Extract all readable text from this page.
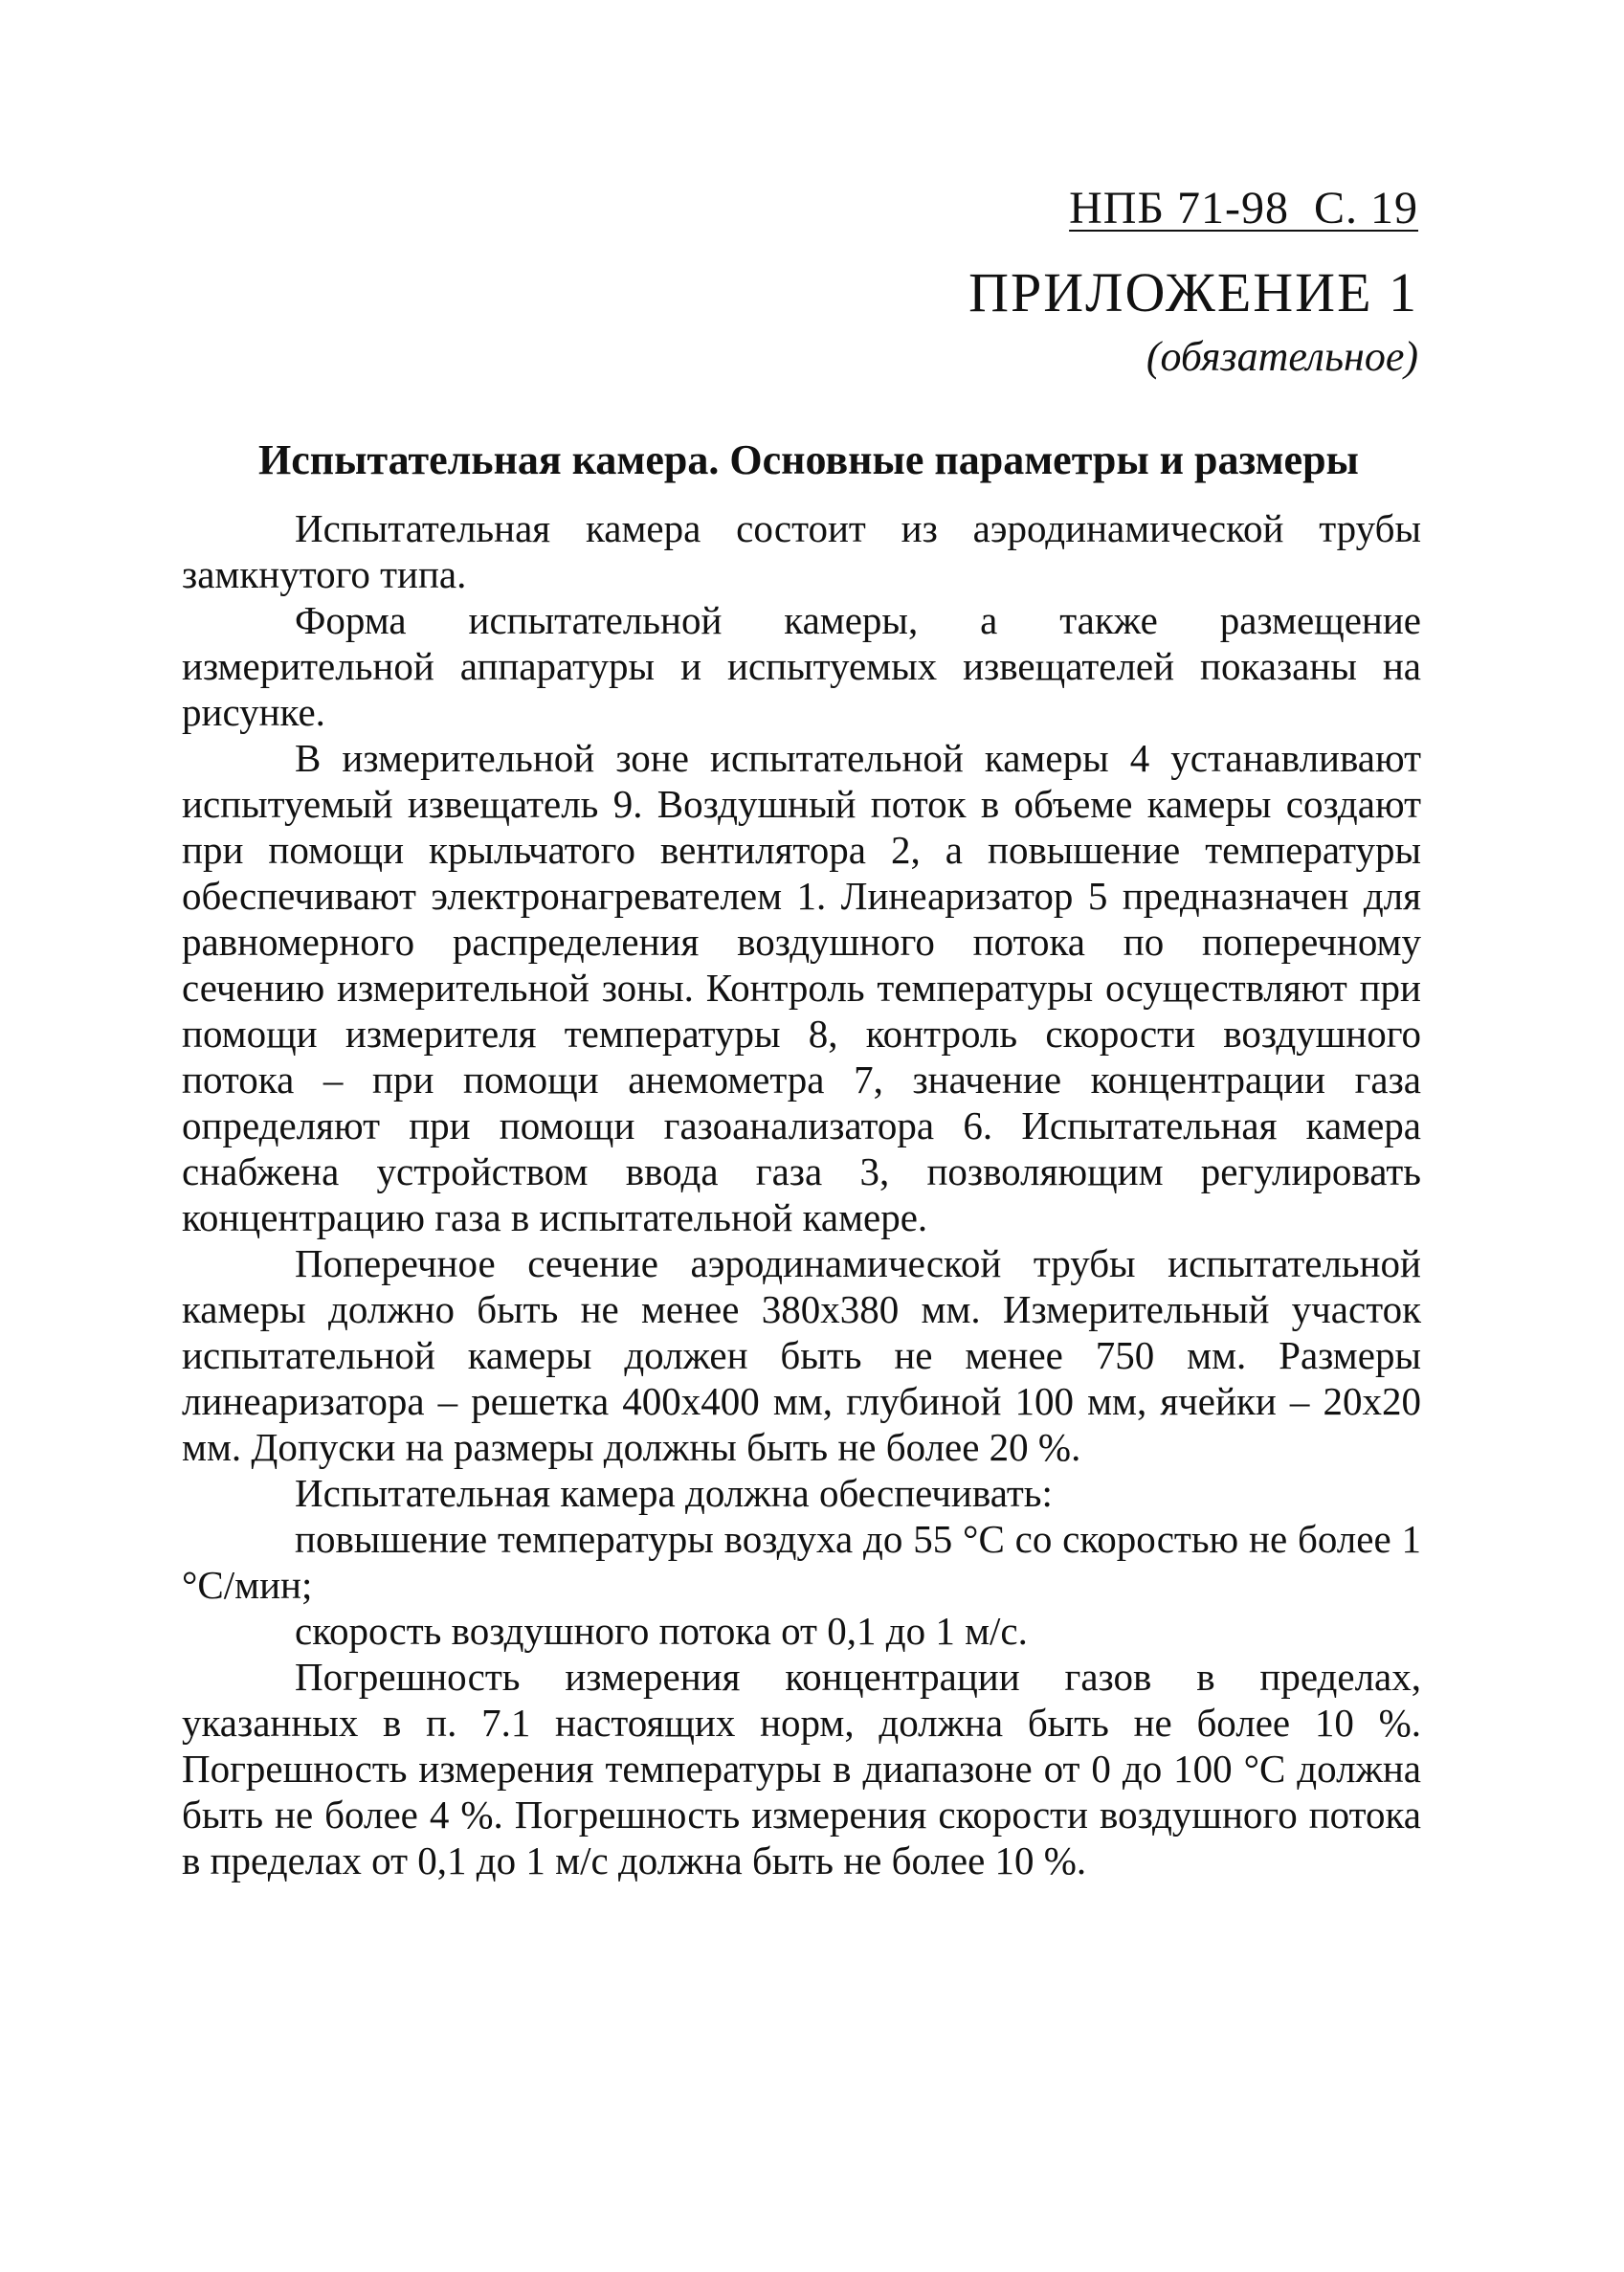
НПБ 71-98  С. 19
ПРИЛОЖЕНИЕ 1
(обязательное)
Испытательная камера. Основные параметры и размеры

Испытательная камера состоит из аэродинамической трубы замкнутого типа.

Форма испытательной камеры, а также размещение измерительной аппаратуры и испытуемых извещателей показаны на рисунке.

В измерительной зоне испытательной камеры 4 устанавливают испытуемый извещатель 9. Воздушный поток в объеме камеры создают при помощи крыльчатого вентилятора 2, а повышение температуры обеспечивают электронагревателем 1. Линеаризатор 5 предназначен для равномерного распределения воздушного потока по поперечному сечению измерительной зоны. Контроль температуры осуществляют при помощи измерителя температуры 8, контроль скорости воздушного потока – при помощи анемометра 7, значение концентрации газа определяют при помощи газоанализатора 6. Испытательная камера снабжена устройством ввода газа 3, позволяющим регулировать концентрацию газа в испытательной камере.

Поперечное сечение аэродинамической трубы испытательной камеры должно быть не менее 380х380 мм. Измерительный участок испытательной камеры должен быть не менее 750 мм. Размеры линеаризатора – решетка 400х400 мм, глубиной 100 мм, ячейки – 20х20 мм. Допуски на размеры должны быть не более 20 %.

Испытательная камера должна обеспечивать:

повышение температуры воздуха до 55 °С со скоростью не более 1 °С/мин;

скорость воздушного потока от 0,1 до 1 м/с.

Погрешность измерения концентрации газов в пределах, указанных в п. 7.1 настоящих норм, должна быть не более 10 %. Погрешность измерения температуры в диапазоне от 0 до 100 °С должна быть не более 4 %. Погрешность измерения скорости воздушного потока в пределах от 0,1 до 1 м/с должна быть не более 10 %.
